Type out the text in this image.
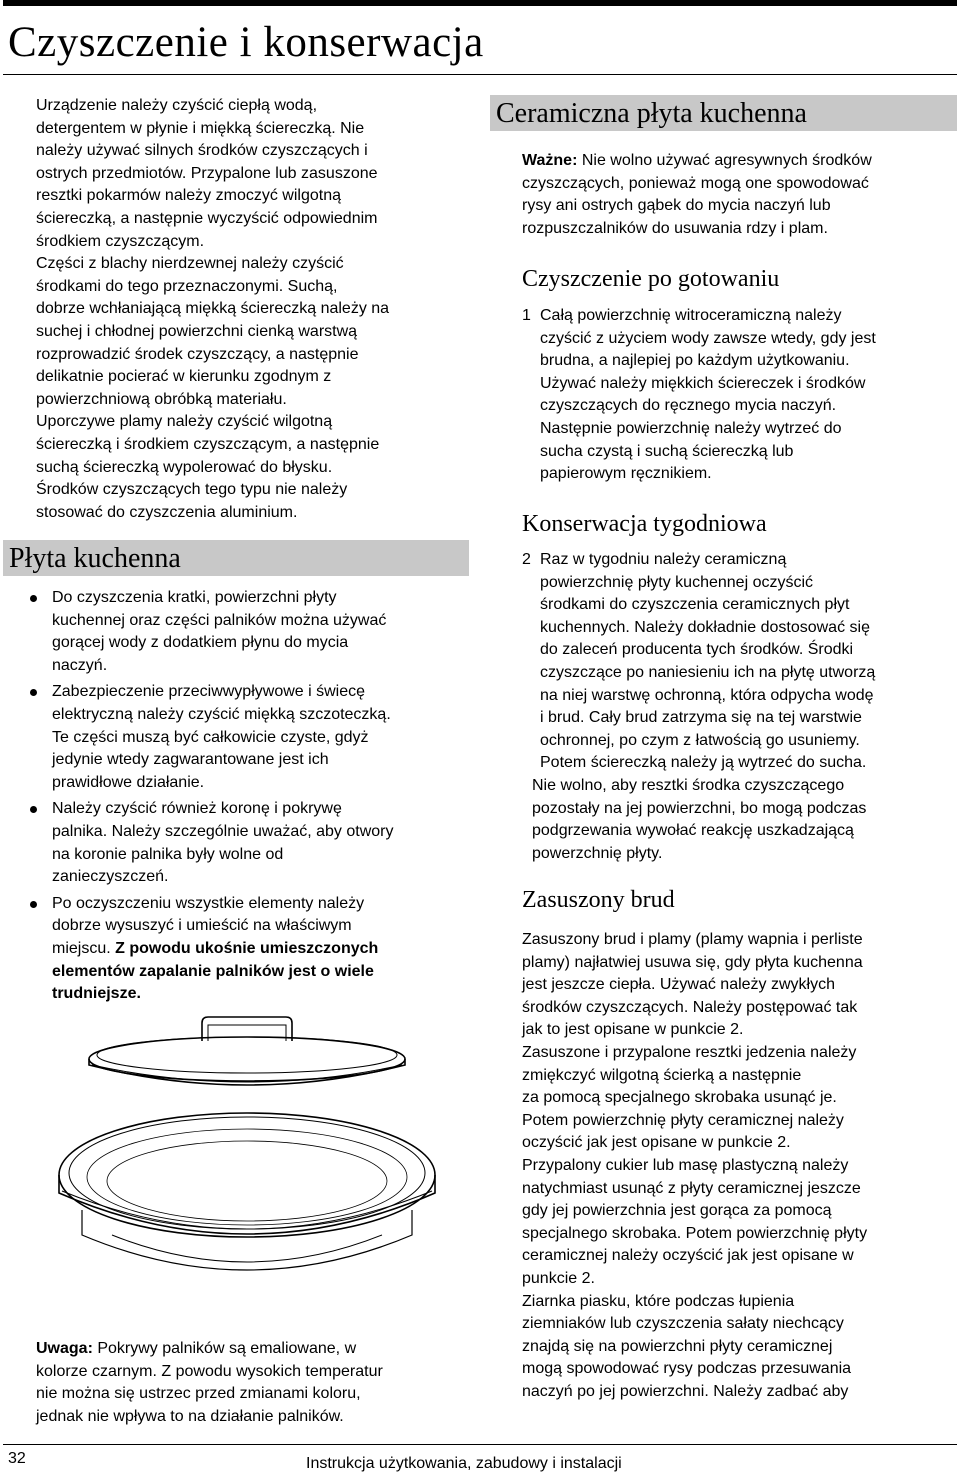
Czyszczenie i konserwacja

Urządzenie należy czyścić ciepłą wodą,
detergentem w płynie i miękką ściereczką. Nie
należy używać silnych środków czyszczących i
ostrych przedmiotów. Przypalone lub zasuszone
resztki pokarmów należy zmoczyć wilgotną
ściereczką, a następnie wyczyścić odpowiednim
środkiem czyszczącym.
Części z blachy nierdzewnej należy czyścić
środkami do tego przeznaczonymi. Suchą,
dobrze wchłaniającą miękką ściereczką należy na
suchej i chłodnej powierzchni cienką warstwą
rozprowadzić środek czyszczący, a następnie
delikatnie pocierać w kierunku zgodnym z
powierzchniową obróbką materiału.
Uporczywe plamy należy czyścić wilgotną
ściereczką i środkiem czyszczącym, a następnie
suchą ściereczką wypolerować do błysku.
Środków czyszczących tego typu nie należy
stosować do czyszczenia aluminium.

Płyta kuchenna
Do czyszczenia kratki, powierzchni płyty
kuchennej oraz części palników można używać
gorącej wody z dodatkiem płynu do mycia
naczyń.
Zabezpieczenie przeciwwypływowe i świecę
elektryczną należy czyścić miękką szczoteczką.
Te części muszą być całkowicie czyste, gdyż
jedynie wtedy zagwarantowane jest ich
prawidłowe działanie.
Należy czyścić również koronę i pokrywę
palnika. Należy szczególnie uważać, aby otwory
na koronie palnika były wolne od
zanieczyszczeń.
Po oczyszczeniu wszystkie elementy należy
dobrze wysuszyć i umieścić na właściwym
miejscu. Z powodu ukośnie umieszczonych
elementów zapalanie palników jest o wiele
trudniejsze.

Uwaga: Pokrywy palników są emaliowane, w
kolorze czarnym. Z powodu wysokich temperatur
nie można się ustrzec przed zmianami koloru,
jednak nie wpływa to na działanie palników.

Ceramiczna płyta kuchenna

Ważne: Nie wolno używać agresywnych środków
czyszczących, ponieważ mogą one spowodować
rysy ani ostrych gąbek do mycia naczyń lub
rozpuszczalników do usuwania rdzy i plam.

Czyszczenie po gotowaniu

1 Całą powierzchnię witroceramiczną należy
czyścić z użyciem wody zawsze wtedy, gdy jest
brudna, a najlepiej po każdym użytkowaniu.
Używać należy miękkich ściereczek i środków
czyszczących do ręcznego mycia naczyń.
Następnie powierzchnię należy wytrzeć do
sucha czystą i suchą ściereczką lub
papierowym ręcznikiem.

Konserwacja tygodniowa

2 Raz w tygodniu należy ceramiczną
powierzchnię płyty kuchennej oczyścić
środkami do czyszczenia ceramicznych płyt
kuchennych. Należy dokładnie dostosować się
do zaleceń producenta tych środków. Środki
czyszczące po naniesieniu ich na płytę utworzą
na niej warstwę ochronną, która odpycha wodę
i brud. Cały brud zatrzyma się na tej warstwie
ochronnej, po czym z łatwością go usuniemy.
Potem ściereczką należy ją wytrzeć do sucha.

Nie wolno, aby resztki środka czyszczącego
pozostały na jej powierzchni, bo mogą podczas
podgrzewania wywołać reakcję uszkadzającą
powerzchnię płyty.

Zasuszony brud

Zasuszony brud i plamy (plamy wapnia i perliste
plamy) najłatwiej usuwa się, gdy płyta kuchenna
jest jeszcze ciepła. Używać należy zwykłych
środków czyszczących. Należy postępować tak
jak to jest opisane w punkcie 2.
Zasuszone i przypalone resztki jedzenia należy
zmiękczyć wilgotną ścierką a następnie
za pomocą specjalnego skrobaka usunąć je.
Potem powierzchnię płyty ceramicznej należy
oczyścić jak jest opisane w punkcie 2.
Przypalony cukier lub masę plastyczną należy
natychmiast usunąć z płyty ceramicznej jeszcze
gdy jej powierzchnia jest gorąca za pomocą
specjalnego skrobaka. Potem powierzchnię płyty
ceramicznej należy oczyścić jak jest opisane w
punkcie 2.
Ziarnka piasku, które podczas łupienia
ziemniaków lub czyszczenia sałaty niechcący
znajdą się na powierzchni płyty ceramicznej
mogą spowodować rysy podczas przesuwania
naczyń po jej powierzchni. Należy zadbać aby

32	Instrukcja użytkowania, zabudowy i instalacji
